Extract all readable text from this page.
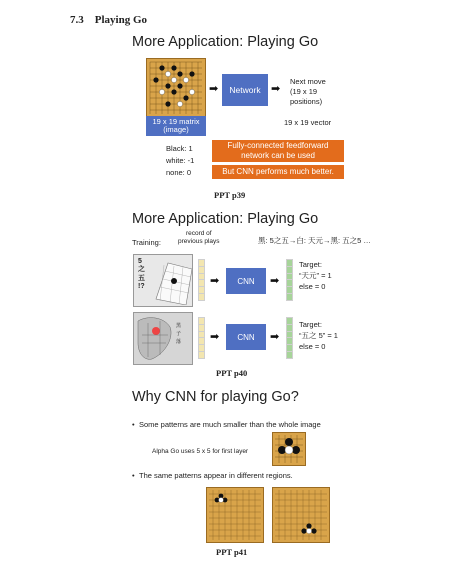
7.3 Playing Go
More Application: Playing Go
➡	Network ➡
Next move
(19 x 19
positions)
19 x 19 matrix
(image)
19 x 19 vector
Black: 1
white: -1
none: 0
Fully-connected feedforward
network can be used
But CNN performs much better.
PPT p39
More Application: Playing Go
Training:
record of
previous plays	黑: 5之五→白: 天元→黑: 五之5 …
5
之
五
!?	➡	CNN	➡
Target:
“天元” = 1
else = 0
黑
子
落	➡	CNN	➡
Target:
“五之 5” = 1
else = 0
PPT p40
Why CNN for playing Go?
• Some patterns are much smaller than the whole image
Alpha Go uses 5 x 5 for first layer
• The same patterns appear in different regions.
PPT p41
